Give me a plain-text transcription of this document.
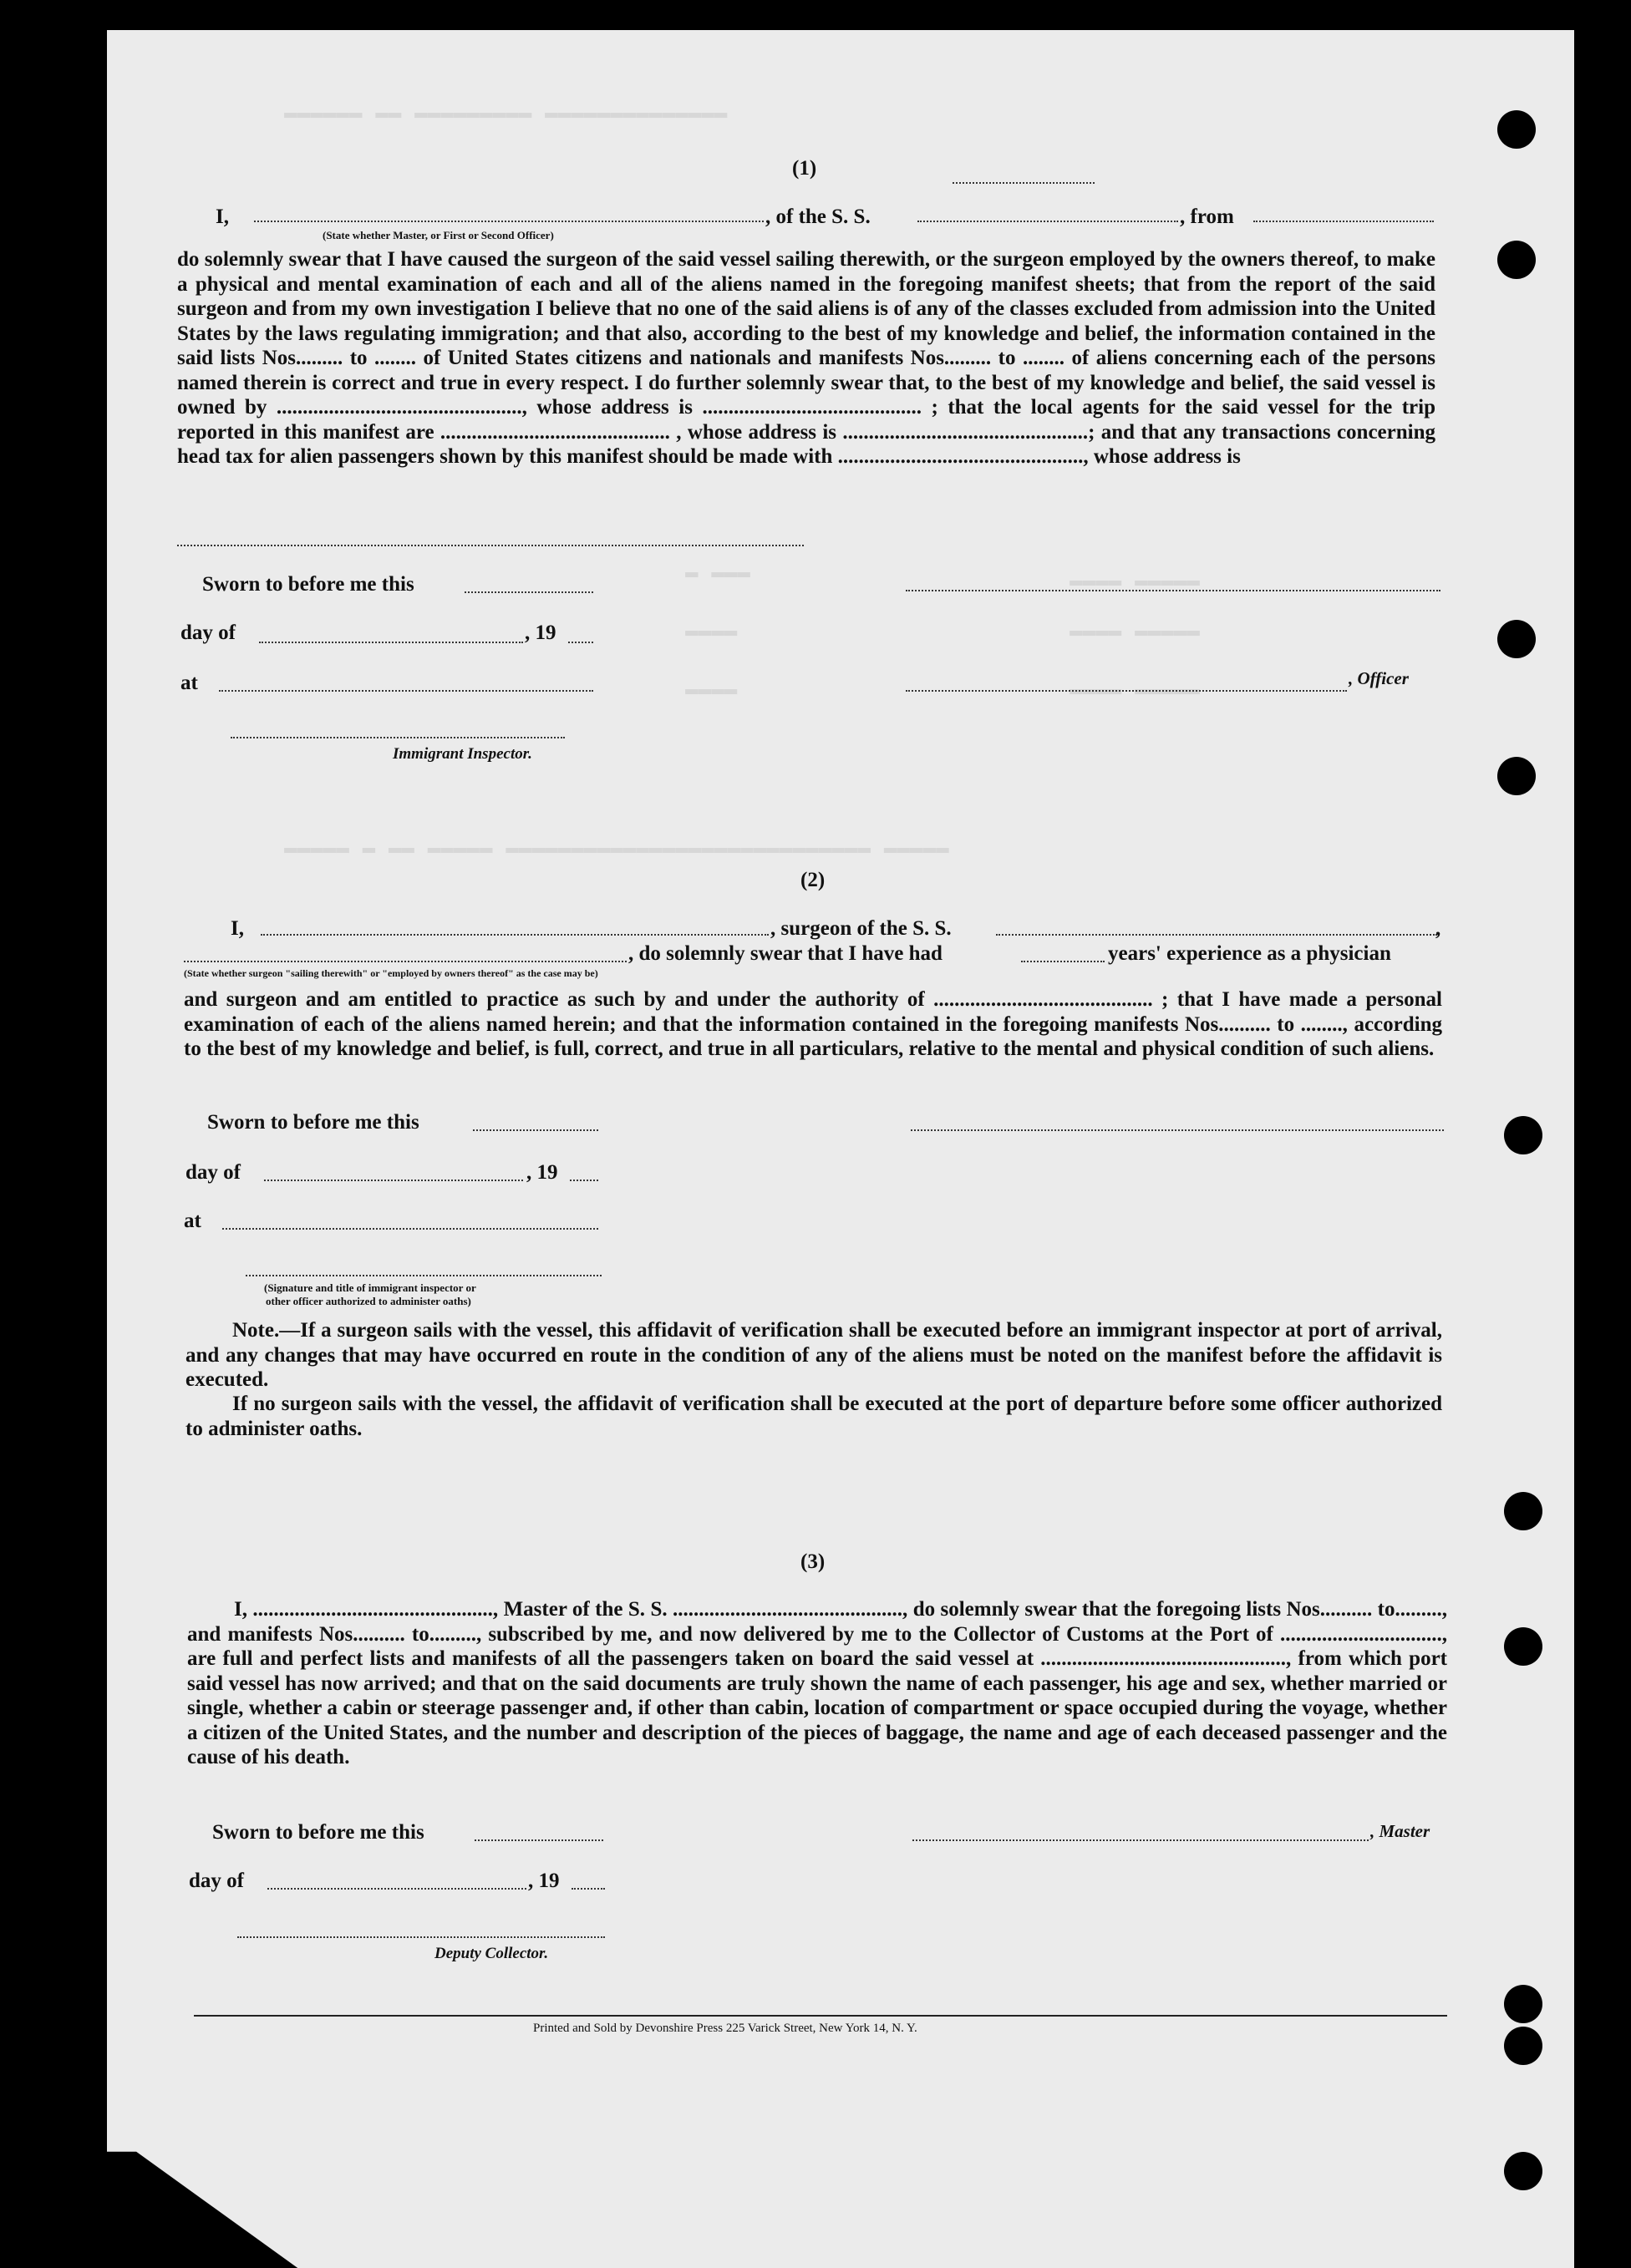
▬▬▬▬▬▬ ▬▬ ▬▬▬▬▬▬▬▬▬ ▬▬▬▬▬▬▬▬▬▬▬▬▬▬
▬ ▬▬▬
▬▬▬▬
▬▬▬▬
▬▬▬▬ ▬▬▬▬▬
▬▬▬▬ ▬▬▬▬▬
▬▬▬▬ ▬▬▬▬▬
▬▬▬▬▬ ▬ ▬▬ ▬▬▬▬▬ ▬▬▬▬▬▬▬▬▬▬▬▬▬▬▬▬▬▬▬▬▬▬▬▬▬▬▬▬ ▬▬▬▬▬
(1)
I,	, of the S. S.	, from
(State whether Master, or First or Second Officer)
do solemnly swear that I have caused the surgeon of the said vessel sailing therewith, or the surgeon employed by the owners thereof, to make a physical and mental examination of each and all of the aliens named in the foregoing manifest sheets; that from the report of the said surgeon and from my own investigation I believe that no one of the said aliens is of any of the classes excluded from admission into the United States by the laws regulating immigration; and that also, according to the best of my knowledge and belief, the information contained in the said lists Nos......... to ........ of United States citizens and nationals and manifests Nos......... to ........ of aliens concerning each of the persons named therein is correct and true in every respect. I do further solemnly swear that, to the best of my knowledge and belief, the said vessel is owned by ..............................................., whose address is .......................................... ; that the local agents for the said vessel for the trip reported in this manifest are ............................................ , whose address is ...............................................; and that any transactions concerning head tax for alien passengers shown by this manifest should be made with ..............................................., whose address is
Sworn to before me this
day of	, 19
at	, Officer
Immigrant Inspector.
(2)
I,	, surgeon of the S. S.	,
, do solemnly swear that I have had	years' experience as a physician
(State whether surgeon "sailing therewith" or "employed by owners thereof" as the case may be)
and surgeon and am entitled to practice as such by and under the authority of .......................................... ; that I have made a personal examination of each of the aliens named herein; and that the information contained in the foregoing manifests Nos.......... to ........, according to the best of my knowledge and belief, is full, correct, and true in all particulars, relative to the mental and physical condition of such aliens.
Sworn to before me this
day of	, 19
at
(Signature and title of immigrant inspector or
other officer authorized to administer oaths)
Note.—If a surgeon sails with the vessel, this affidavit of verification shall be executed before an immigrant inspector at port of arrival, and any changes that may have occurred en route in the condition of any of the aliens must be noted on the manifest before the affidavit is executed.
If no surgeon sails with the vessel, the affidavit of verification shall be executed at the port of departure before some officer authorized to administer oaths.
(3)
I, .............................................., Master of the S. S. ............................................, do solemnly swear that the foregoing lists Nos.......... to........., and manifests Nos.......... to........., subscribed by me, and now delivered by me to the Collector of Customs at the Port of ..............................., are full and perfect lists and manifests of all the passengers taken on board the said vessel at ..............................................., from which port said vessel has now arrived; and that on the said documents are truly shown the name of each passenger, his age and sex, whether married or single, whether a cabin or steerage passenger and, if other than cabin, location of compartment or space occupied during the voyage, whether a citizen of the United States, and the number and description of the pieces of baggage, the name and age of each deceased passenger and the cause of his death.
Sworn to before me this	, Master
day of	, 19
Deputy Collector.
Printed and Sold by Devonshire Press 225 Varick Street, New York 14, N. Y.
